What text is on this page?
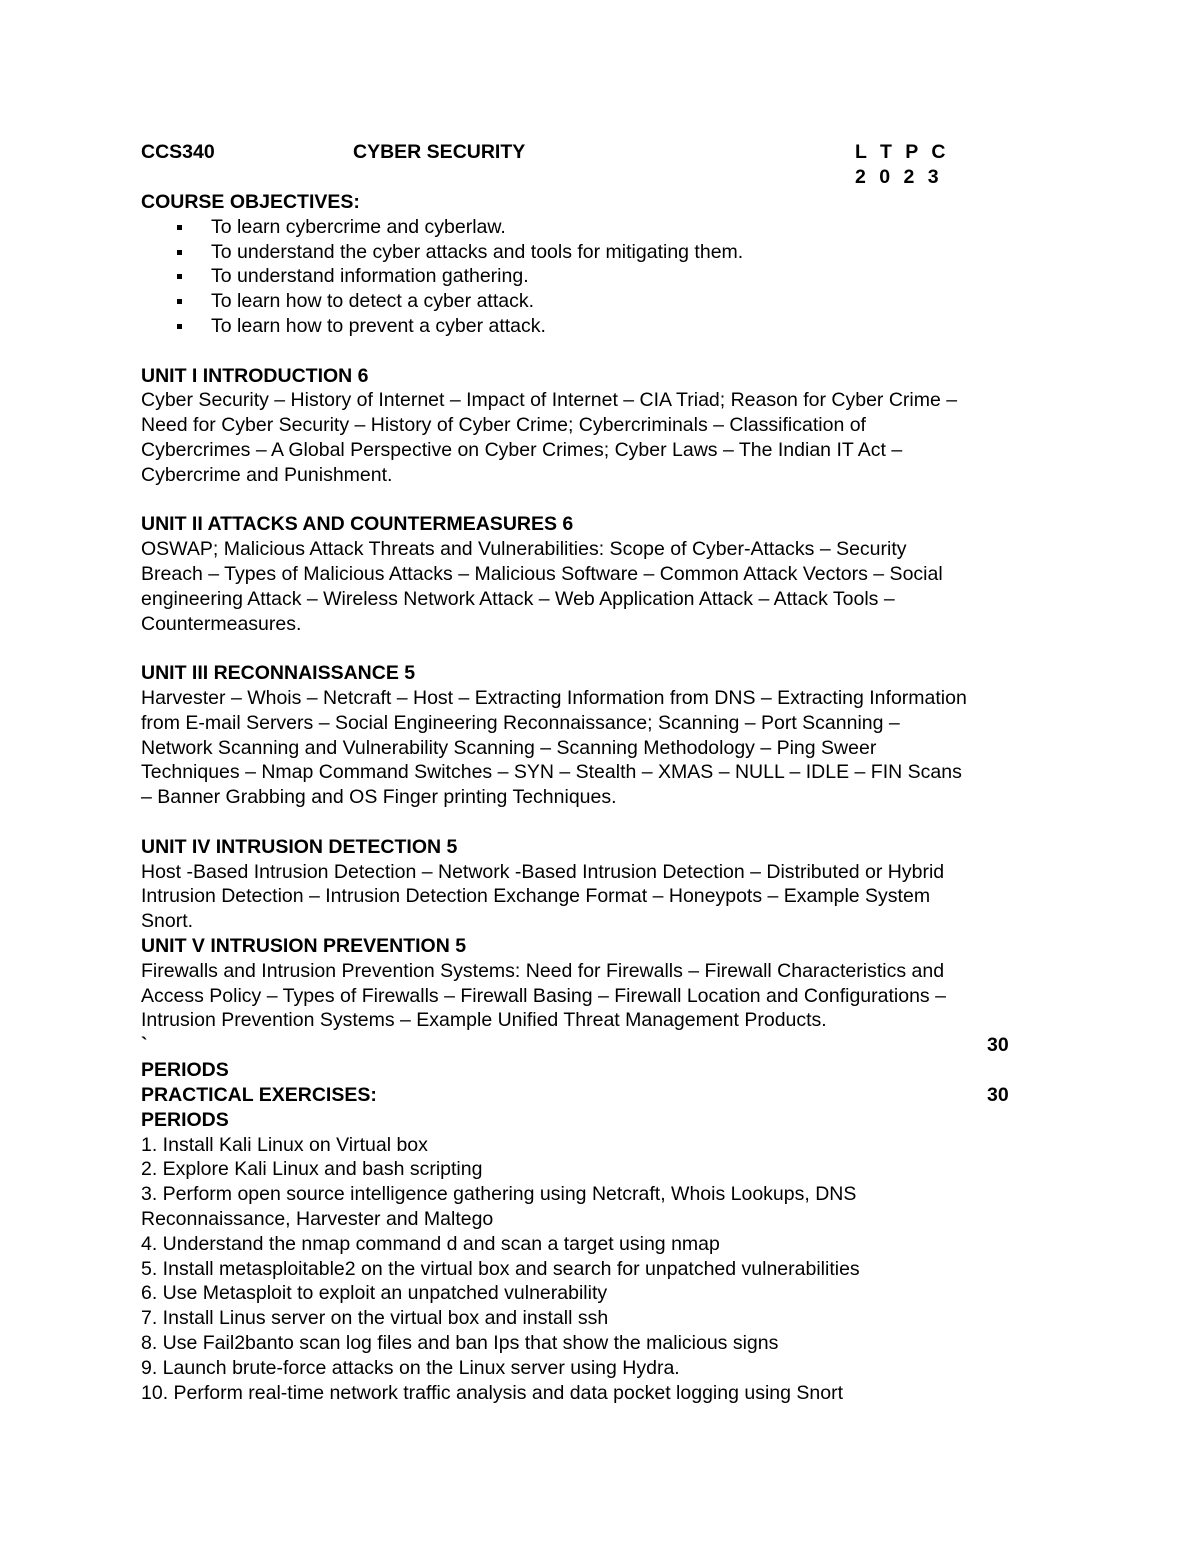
CCS340	CYBER SECURITY	L T P C
2 0 2 3

COURSE OBJECTIVES:

To learn cybercrime and cyberlaw.
To understand the cyber attacks and tools for mitigating them.
To understand information gathering.
To learn how to detect a cyber attack.
To learn how to prevent a cyber attack.

UNIT I INTRODUCTION 6

Cyber Security – History of Internet – Impact of Internet – CIA Triad; Reason for Cyber Crime –
Need for Cyber Security – History of Cyber Crime; Cybercriminals – Classification of
Cybercrimes – A Global Perspective on Cyber Crimes; Cyber Laws – The Indian IT Act –
Cybercrime and Punishment.

UNIT II ATTACKS AND COUNTERMEASURES 6

OSWAP; Malicious Attack Threats and Vulnerabilities: Scope of Cyber-Attacks – Security
Breach – Types of Malicious Attacks – Malicious Software – Common Attack Vectors – Social
engineering Attack – Wireless Network Attack – Web Application Attack – Attack Tools –
Countermeasures.

UNIT III RECONNAISSANCE 5

Harvester – Whois – Netcraft – Host – Extracting Information from DNS – Extracting Information
from E-mail Servers – Social Engineering Reconnaissance; Scanning – Port Scanning –
Network Scanning and Vulnerability Scanning – Scanning Methodology – Ping Sweer
Techniques – Nmap Command Switches – SYN – Stealth – XMAS – NULL – IDLE – FIN Scans
– Banner Grabbing and OS Finger printing Techniques.

UNIT IV INTRUSION DETECTION 5

Host -Based Intrusion Detection – Network -Based Intrusion Detection – Distributed or Hybrid
Intrusion Detection – Intrusion Detection Exchange Format – Honeypots – Example System
Snort.

UNIT V INTRUSION PREVENTION 5

Firewalls and Intrusion Prevention Systems: Need for Firewalls – Firewall Characteristics and
Access Policy – Types of Firewalls – Firewall Basing – Firewall Location and Configurations –
Intrusion Prevention Systems – Example Unified Threat Management Products.
`	30

PERIODS

PRACTICAL EXERCISES:	30

PERIODS

1. Install Kali Linux on Virtual box
2. Explore Kali Linux and bash scripting
3. Perform open source intelligence gathering using Netcraft, Whois Lookups, DNS
Reconnaissance, Harvester and Maltego
4. Understand the nmap command d and scan a target using nmap
5. Install metasploitable2 on the virtual box and search for unpatched vulnerabilities
6. Use Metasploit to exploit an unpatched vulnerability
7. Install Linus server on the virtual box and install ssh
8. Use Fail2banto scan log files and ban Ips that show the malicious signs
9. Launch brute-force attacks on the Linux server using Hydra.
10. Perform real-time network traffic analysis and data pocket logging using Snort
